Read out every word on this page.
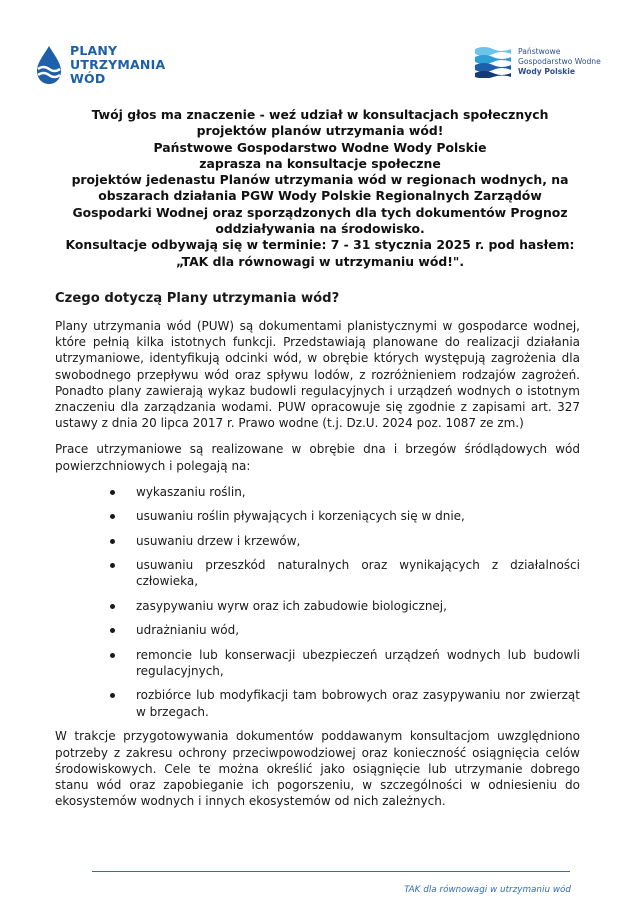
PLANY
UTRZYMANIA
WÓD
Państwowe
Gospodarstwo Wodne
Wody Polskie

Twój głos ma znaczenie - weź udział w konsultacjach społecznych projektów planów utrzymania wód!

Państwowe Gospodarstwo Wodne Wody Polskie

zaprasza na konsultacje społeczne

projektów jedenastu Planów utrzymania wód w regionach wodnych, na obszarach działania PGW Wody Polskie Regionalnych Zarządów Gospodarki Wodnej oraz sporządzonych dla tych dokumentów Prognoz oddziaływania na środowisko.

Konsultacje odbywają się w terminie: 7 - 31 stycznia 2025 r. pod hasłem:

„TAK dla równowagi w utrzymaniu wód!".

Czego dotyczą Plany utrzymania wód?

Plany utrzymania wód (PUW) są dokumentami planistycznymi w gospodarce wodnej, które pełnią kilka istotnych funkcji. Przedstawiają planowane do realizacji działania utrzymaniowe, identyfikują odcinki wód, w obrębie których występują zagrożenia dla swobodnego przepływu wód oraz spływu lodów, z rozróżnieniem rodzajów zagrożeń. Ponadto plany zawierają wykaz budowli regulacyjnych i urządzeń wodnych o istotnym znaczeniu dla zarządzania wodami. PUW opracowuje się zgodnie z zapisami art. 327 ustawy z dnia 20 lipca 2017 r. Prawo wodne (t.j. Dz.U. 2024 poz. 1087 ze zm.)

Prace utrzymaniowe są realizowane w obrębie dna i brzegów śródlądowych wód powierzchniowych i polegają na:

wykaszaniu roślin,
usuwaniu roślin pływających i korzeniących się w dnie,
usuwaniu drzew i krzewów,
usuwaniu przeszkód naturalnych oraz wynikających z działalności człowieka,
zasypywaniu wyrw oraz ich zabudowie biologicznej,
udrażnianiu wód,
remoncie lub konserwacji ubezpieczeń urządzeń wodnych lub budowli regulacyjnych,
rozbiórce lub modyfikacji tam bobrowych oraz zasypywaniu nor zwierząt w brzegach.

W trakcje przygotowywania dokumentów poddawanym konsultacjom uwzględniono potrzeby z zakresu ochrony przeciwpowodziowej oraz konieczność osiągnięcia celów środowiskowych. Cele te można określić jako osiągnięcie lub utrzymanie dobrego stanu wód oraz zapobieganie ich pogorszeniu, w szczególności w odniesieniu do ekosystemów wodnych i innych ekosystemów od nich zależnych.

TAK dla równowagi w utrzymaniu wód
